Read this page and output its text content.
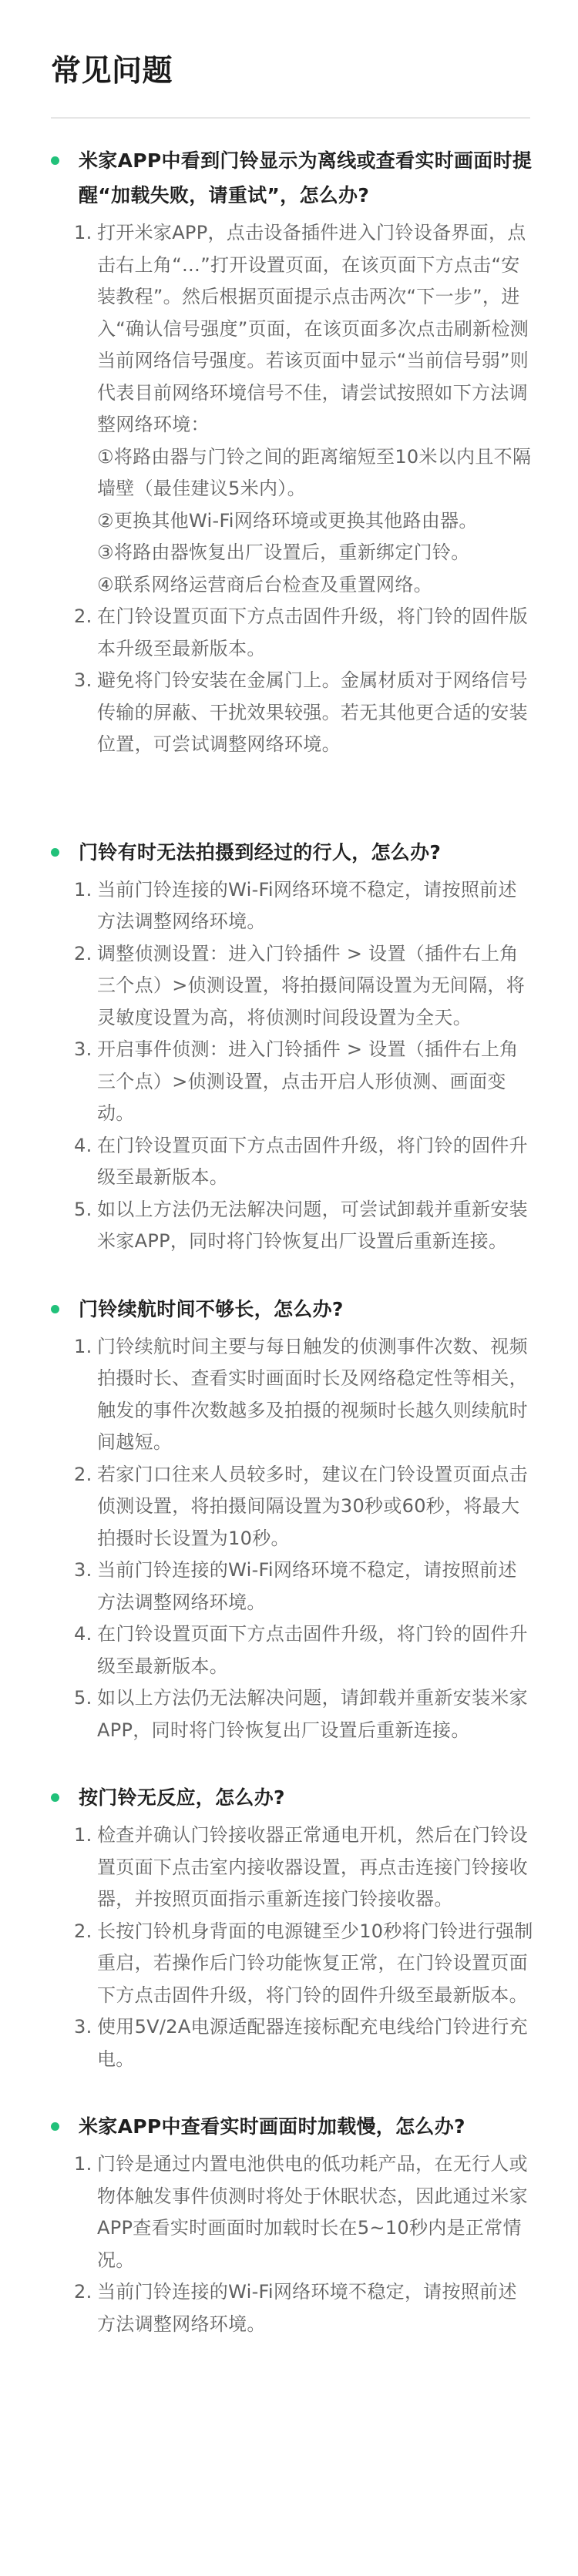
常见问题

米家APP中看到门铃显示为离线或查看实时画面时提醒“加载失败，请重试”，怎么办?

1. 打开米家APP，点击设备插件进入门铃设备界面，点击右上角“…”打开设置页面，在该页面下方点击“安装教程”。然后根据页面提示点击两次“下一步”，进入“确认信号强度”页面，在该页面多次点击刷新检测当前网络信号强度。若该页面中显示“当前信号弱”则代表目前网络环境信号不佳，请尝试按照如下方法调整网络环境：
①将路由器与门铃之间的距离缩短至10米以内且不隔墙壁（最佳建议5米内）。
②更换其他Wi-Fi网络环境或更换其他路由器。
③将路由器恢复出厂设置后，重新绑定门铃。
④联系网络运营商后台检查及重置网络。
2. 在门铃设置页面下方点击固件升级，将门铃的固件版本升级至最新版本。
3. 避免将门铃安装在金属门上。金属材质对于网络信号传输的屏蔽、干扰效果较强。若无其他更合适的安装位置，可尝试调整网络环境。

门铃有时无法拍摄到经过的行人，怎么办?

1. 当前门铃连接的Wi-Fi网络环境不稳定，请按照前述方法调整网络环境。
2. 调整侦测设置：进入门铃插件 > 设置（插件右上角三个点）>侦测设置，将拍摄间隔设置为无间隔，将灵敏度设置为高，将侦测时间段设置为全天。
3. 开启事件侦测：进入门铃插件 > 设置（插件右上角三个点）>侦测设置，点击开启人形侦测、画面变动。
4. 在门铃设置页面下方点击固件升级，将门铃的固件升级至最新版本。
5. 如以上方法仍无法解决问题，可尝试卸载并重新安装米家APP，同时将门铃恢复出厂设置后重新连接。

门铃续航时间不够长，怎么办?

1. 门铃续航时间主要与每日触发的侦测事件次数、视频拍摄时长、查看实时画面时长及网络稳定性等相关，触发的事件次数越多及拍摄的视频时长越久则续航时间越短。
2. 若家门口往来人员较多时，建议在门铃设置页面点击侦测设置，将拍摄间隔设置为30秒或60秒，将最大拍摄时长设置为10秒。
3. 当前门铃连接的Wi-Fi网络环境不稳定，请按照前述方法调整网络环境。
4. 在门铃设置页面下方点击固件升级，将门铃的固件升级至最新版本。
5. 如以上方法仍无法解决问题，请卸载并重新安装米家APP，同时将门铃恢复出厂设置后重新连接。

按门铃无反应，怎么办?

1. 检查并确认门铃接收器正常通电开机，然后在门铃设置页面下点击室内接收器设置，再点击连接门铃接收器，并按照页面指示重新连接门铃接收器。
2. 长按门铃机身背面的电源键至少10秒将门铃进行强制重启，若操作后门铃功能恢复正常，在门铃设置页面下方点击固件升级，将门铃的固件升级至最新版本。
3. 使用5V/2A电源适配器连接标配充电线给门铃进行充电。

米家APP中查看实时画面时加载慢，怎么办?

1. 门铃是通过内置电池供电的低功耗产品，在无行人或物体触发事件侦测时将处于休眠状态，因此通过米家APP查看实时画面时加载时长在5~10秒内是正常情况。
2. 当前门铃连接的Wi-Fi网络环境不稳定，请按照前述方法调整网络环境。
